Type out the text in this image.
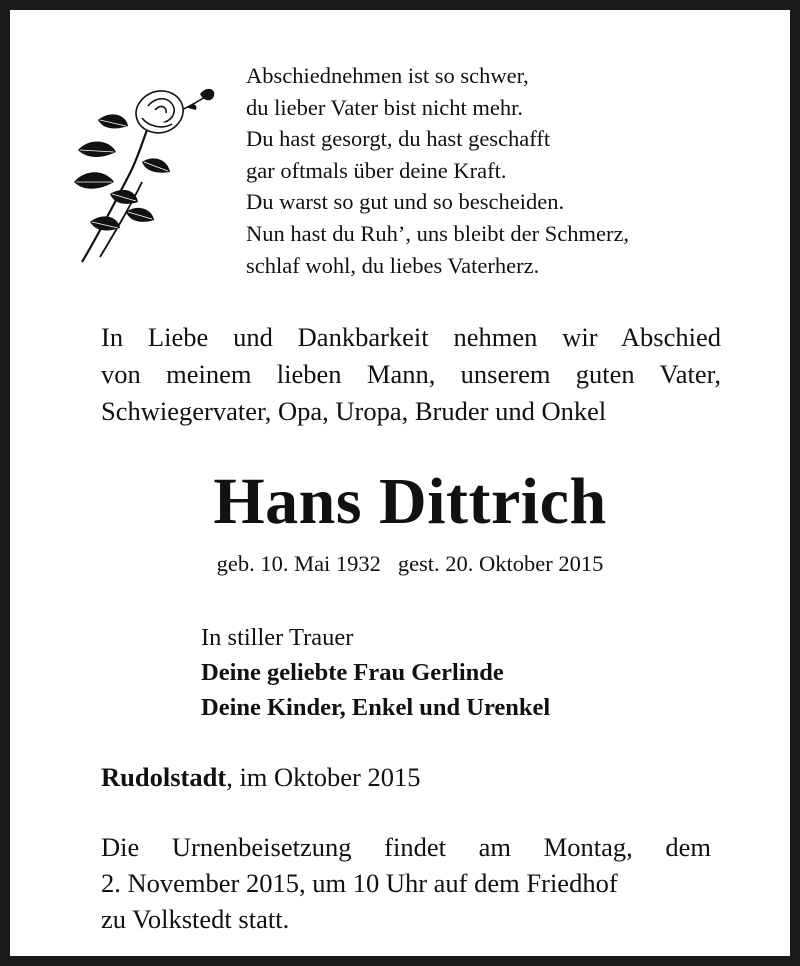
Abschiednehmen ist so schwer,
du lieber Vater bist nicht mehr.
Du hast gesorgt, du hast geschafft
gar oftmals über deine Kraft.
Du warst so gut und so bescheiden.
Nun hast du Ruh’, uns bleibt der Schmerz,
schlaf wohl, du liebes Vaterherz.
In Liebe und Dankbarkeit nehmen wir Abschied
von meinem lieben Mann, unserem guten Vater,
Schwiegervater, Opa, Uropa, Bruder und Onkel
Hans Dittrich
geb. 10. Mai 1932 gest. 20. Oktober 2015
In stiller Trauer
Deine geliebte Frau Gerlinde
Deine Kinder, Enkel und Urenkel
Rudolstadt, im Oktober 2015
Die Urnenbeisetzung findet am Montag, dem
2. November 2015, um 10 Uhr auf dem Friedhof
zu Volkstedt statt.
